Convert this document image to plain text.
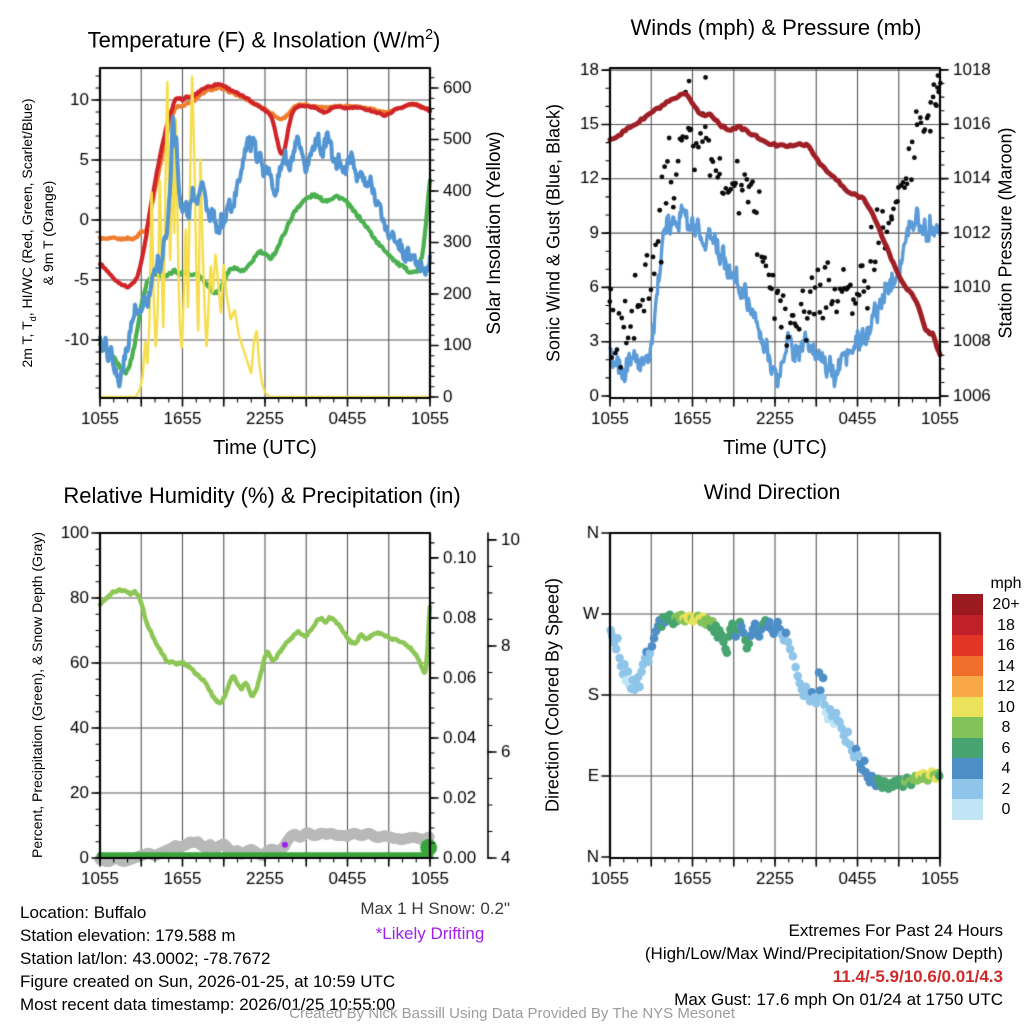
Temperature (F) & Insolation $(W/m^2)$	Winds (mph) & Pressure (mb)
Relative Humidity (%) & Precipitation (in)	Wind Direction
2m T, $T_d$, HI/WC (Red, Green, Scarlet/Blue) & 9m T (Orange)	Solar Insolation (Yellow) Sonic Wind & Gust (Blue, Black)	Station Pressure (Maroon)
Percent, Precipitation (Green), & Snow Depth (Gray)	Direction (Colored By Speed)
Time (UTC)	Time (UTC)
mph
20+
18
16
14
12
10
8
6
4
2
0
Max 1 H Snow: 0.2"
*Likely Drifting
Location: Buffalo
Station elevation: 179.588 m
Station lat/lon: 43.0002; -78.7672
Figure created on Sun, 2026-01-25, at 10:59 UTC
Most recent data timestamp: 2026/01/25 10:55:00
Extremes For Past 24 Hours
(High/Low/Max Wind/Precipitation/Snow Depth)
11.4/-5.9/10.6/0.01/4.3
Max Gust: 17.6 mph On 01/24 at 1750 UTC
Created By Nick Bassill Using Data Provided By The NYS Mesonet
